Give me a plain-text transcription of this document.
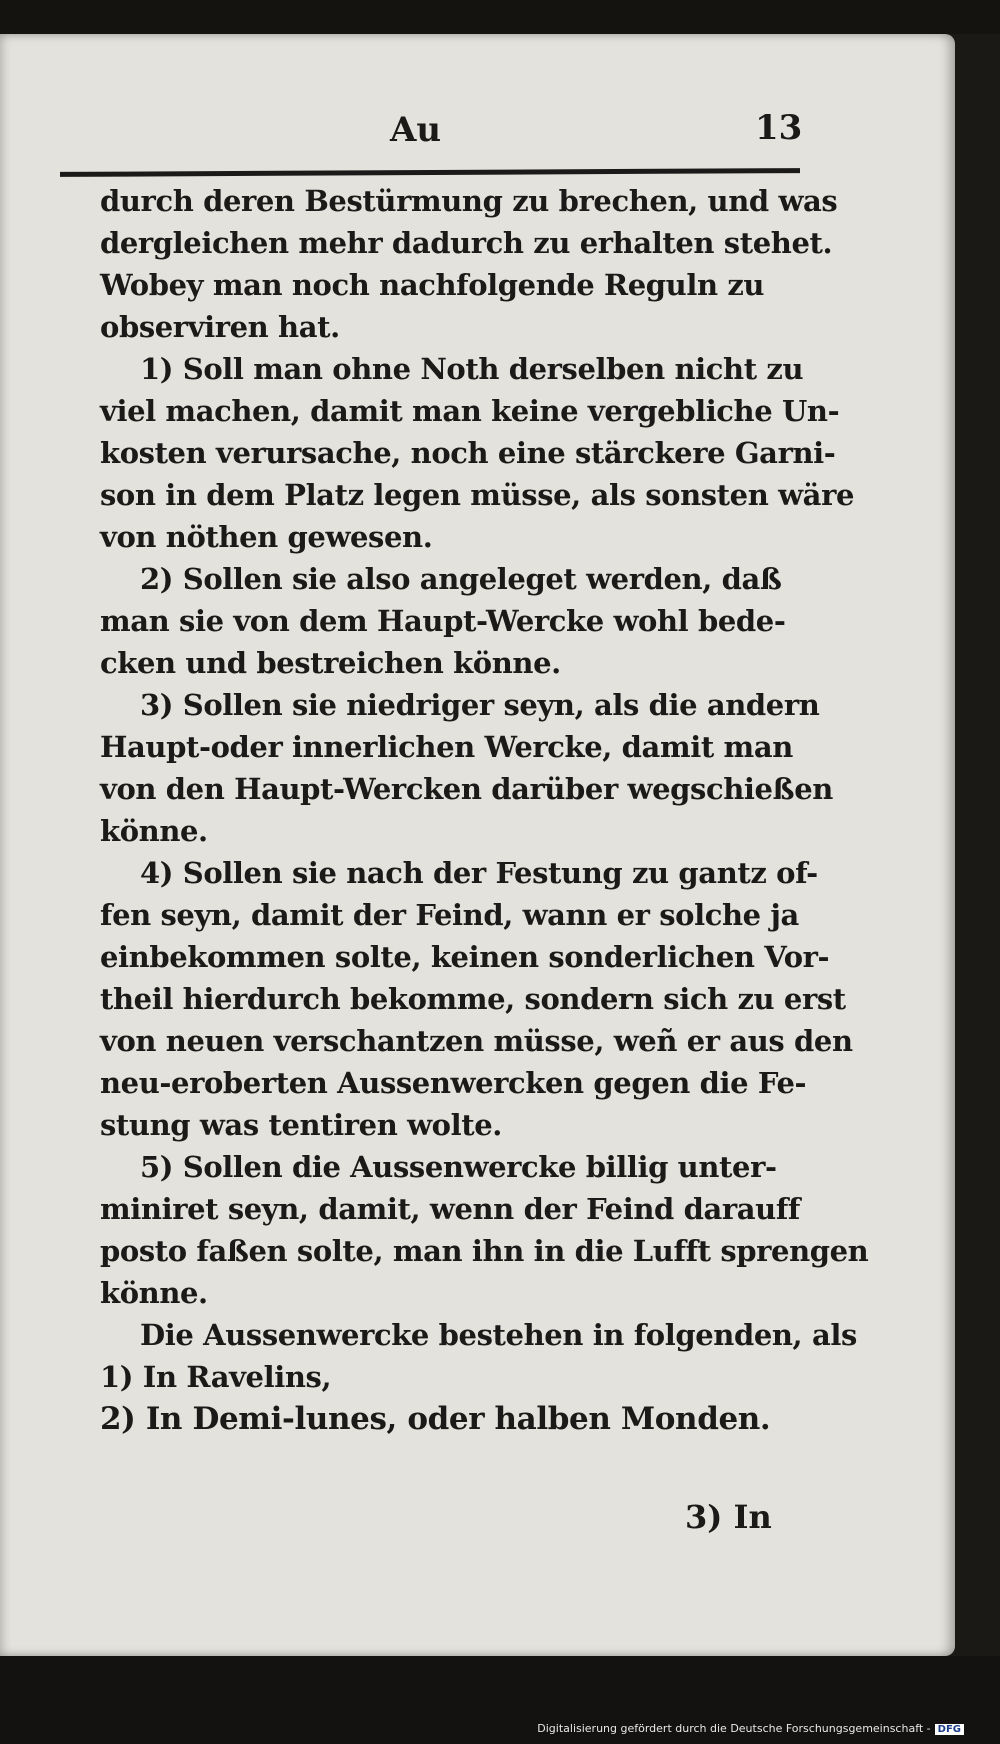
Au	13
durch deren Bestürmung zu brechen, und was
dergleichen mehr dadurch zu erhalten stehet.
Wobey man noch nachfolgende Reguln zu
observiren hat.
1) Soll man ohne Noth derselben nicht zu
viel machen, damit man keine vergebliche Un-
kosten verursache, noch eine stärckere Garni-
son in dem Platz legen müsse, als sonsten wäre
von nöthen gewesen.
2) Sollen sie also angeleget werden, daß
man sie von dem Haupt-Wercke wohl bede-
cken und bestreichen könne.
3) Sollen sie niedriger seyn, als die andern
Haupt-oder innerlichen Wercke, damit man
von den Haupt-Wercken darüber wegschießen
könne.
4) Sollen sie nach der Festung zu gantz of-
fen seyn, damit der Feind, wann er solche ja
einbekommen solte, keinen sonderlichen Vor-
theil hierdurch bekomme, sondern sich zu erst
von neuen verschantzen müsse, weñ er aus den
neu-eroberten Aussenwercken gegen die Fe-
stung was tentiren wolte.
5) Sollen die Aussenwercke billig unter-
miniret seyn, damit, wenn der Feind darauff
posto faßen solte, man ihn in die Lufft sprengen
könne.
Die Aussenwercke bestehen in folgenden, als
1) In Ravelins,
2) In Demi-lunes, oder halben Monden.
3) In
Digitalisierung gefördert durch die Deutsche Forschungsgemeinschaft - DFG
